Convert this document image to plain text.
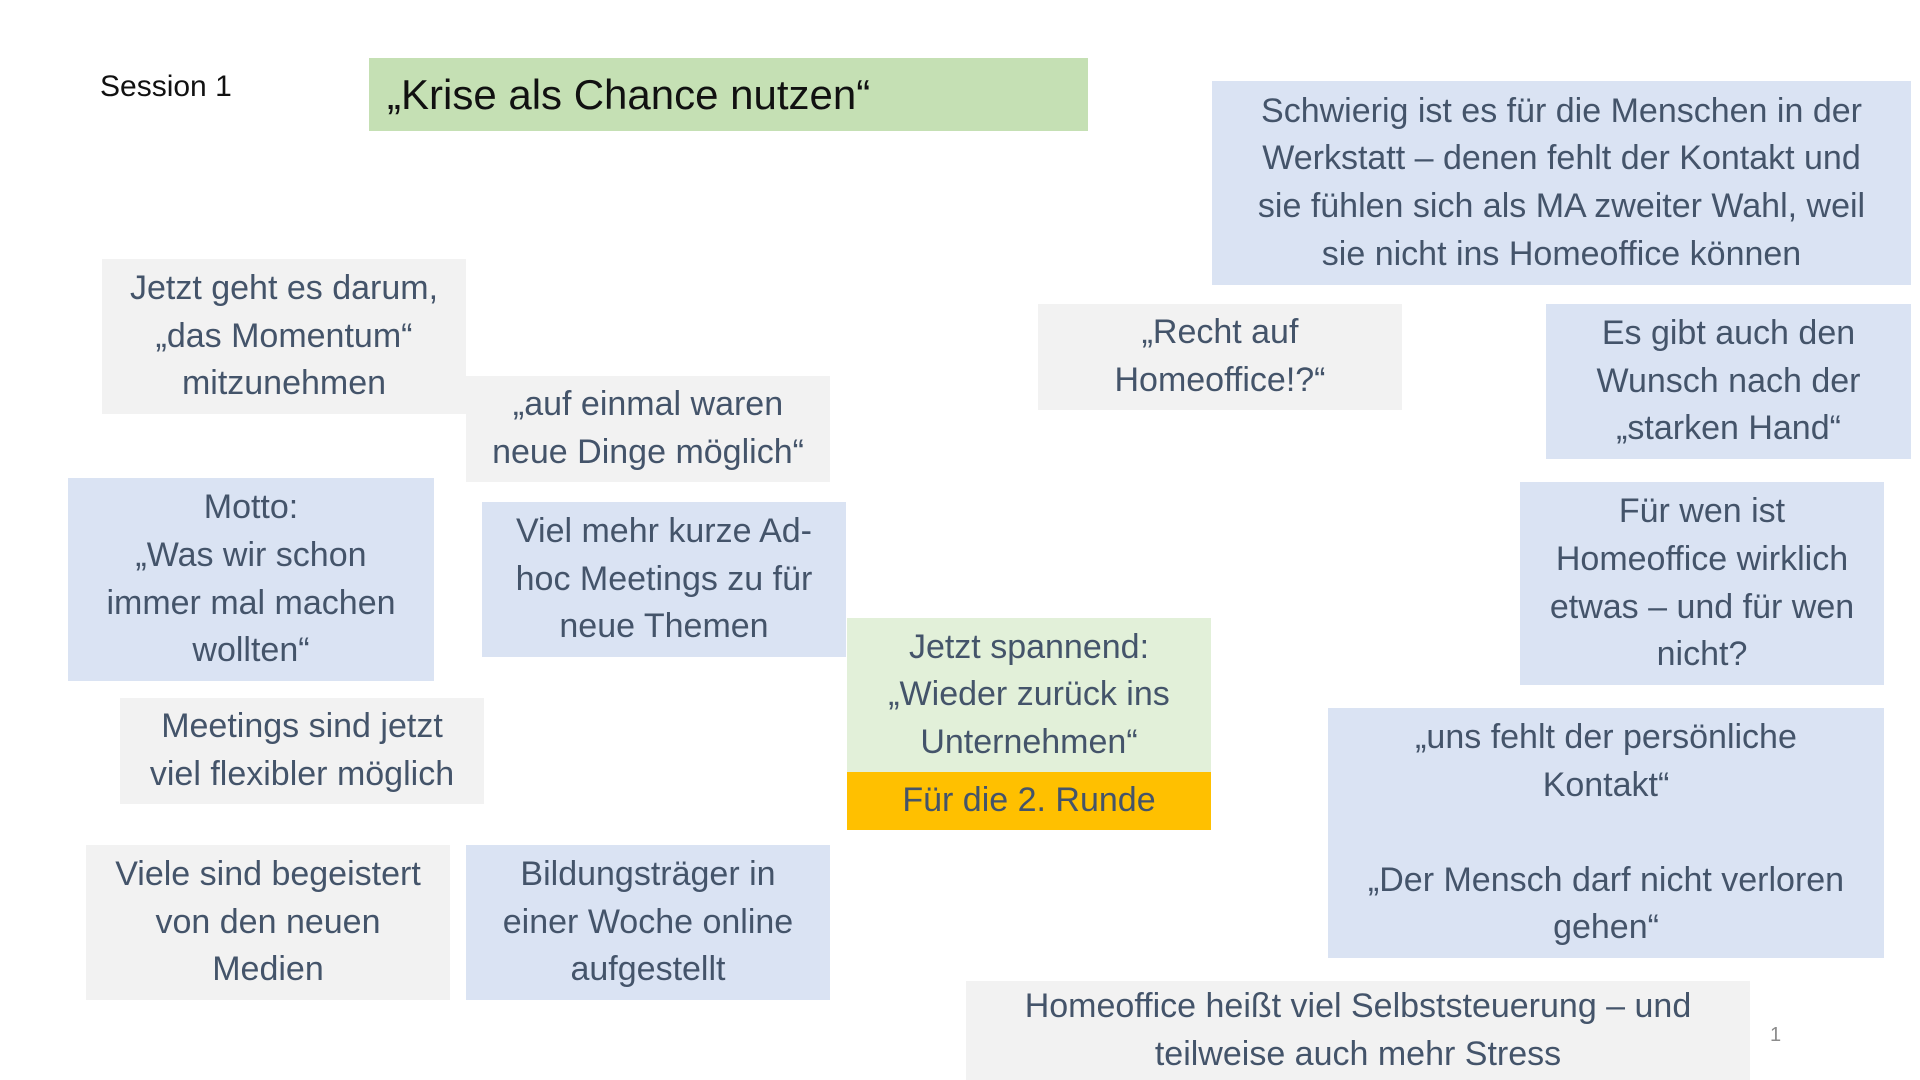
Session 1	„Krise als Chance nutzen“
Jetzt geht es darum,
„das Momentum“
mitzunehmen
„auf einmal waren
neue Dinge möglich“
Motto:
„Was wir schon
immer mal machen
wollten“
Viel mehr kurze Ad-
hoc Meetings zu für
neue Themen
Meetings sind jetzt
viel flexibler möglich
Viele sind begeistert
von den neuen
Medien
Bildungsträger in
einer Woche online
aufgestellt
Jetzt spannend:
„Wieder zurück ins
Unternehmen“
Für die 2. Runde
„Recht auf
Homeoffice!?“
Schwierig ist es für die Menschen in der
Werkstatt – denen fehlt der Kontakt und
sie fühlen sich als MA zweiter Wahl, weil
sie nicht ins Homeoffice können
Es gibt auch den
Wunsch nach der
„starken Hand“
Für wen ist
Homeoffice wirklich
etwas – und für wen
nicht?
„uns fehlt der persönliche
Kontakt“

„Der Mensch darf nicht verloren
gehen“
Homeoffice heißt viel Selbststeuerung – und
teilweise auch mehr Stress	1
